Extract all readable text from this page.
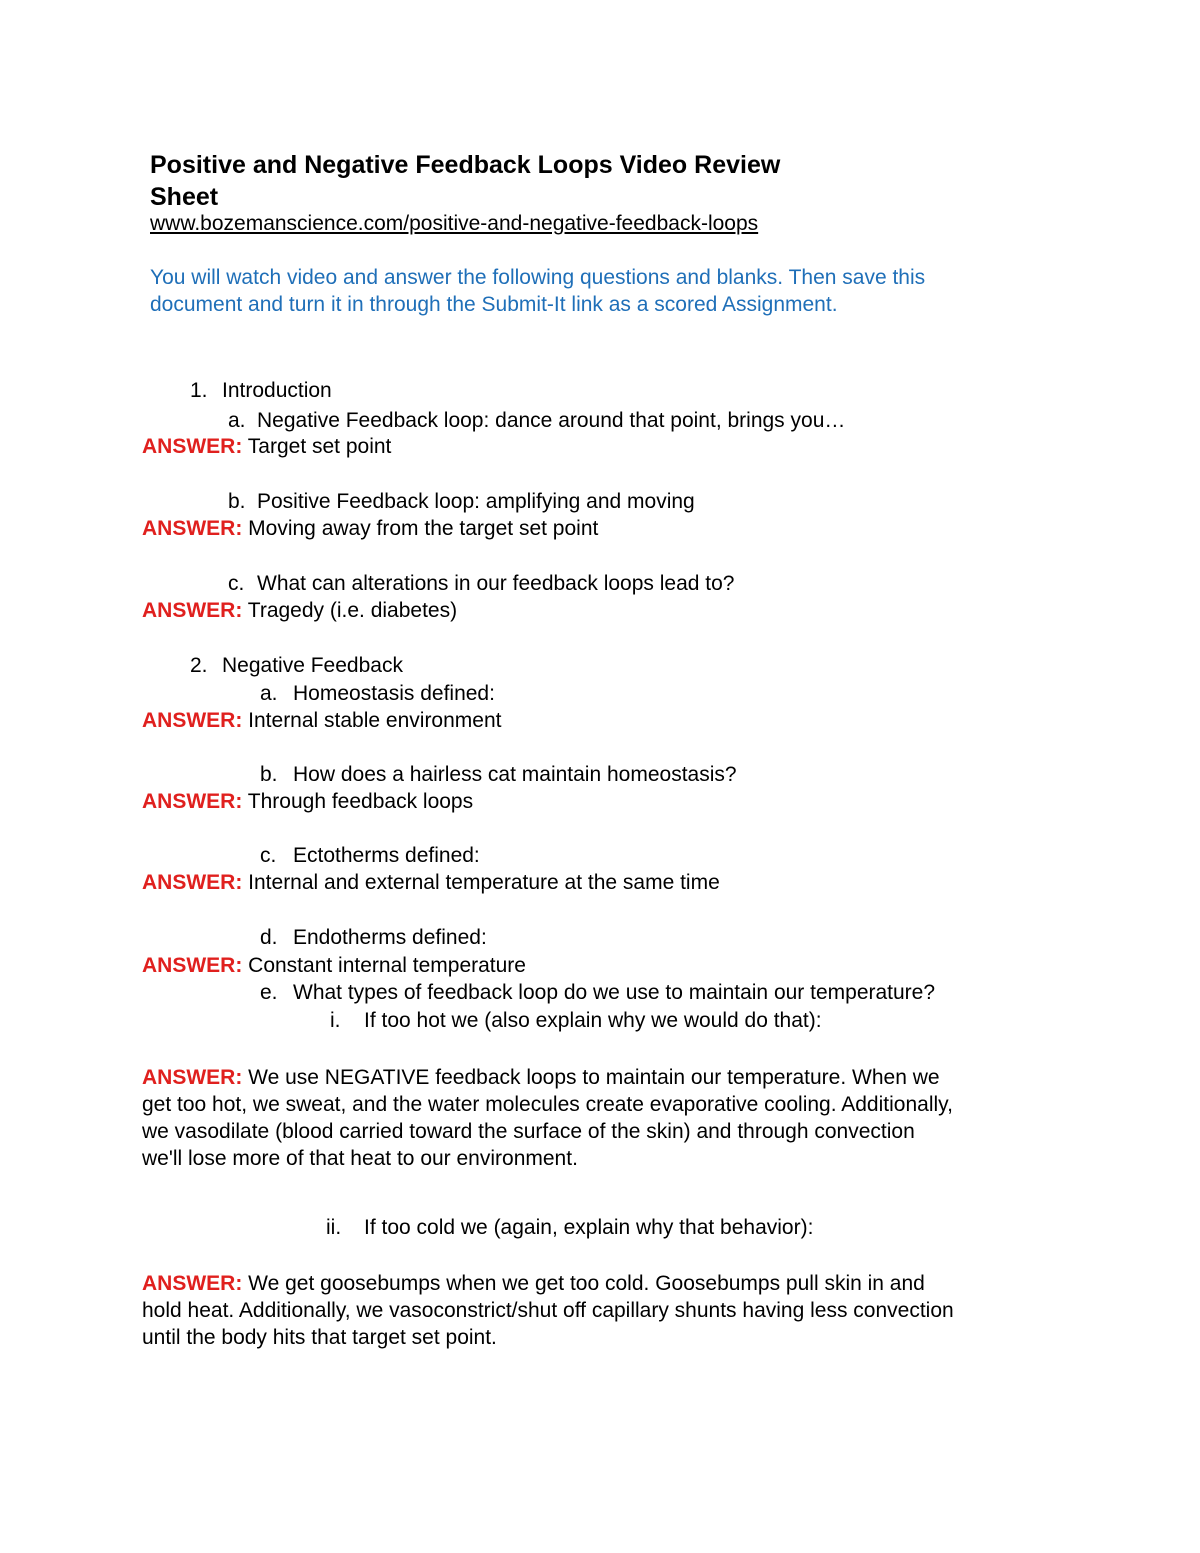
Positive and Negative Feedback Loops Video Review
Sheet
www.bozemanscience.com/positive-and-negative-feedback-loops
You will watch video and answer the following questions and blanks. Then save this
document and turn it in through the Submit-It link as a scored Assignment.
1. Introduction
a. Negative Feedback loop: dance around that point, brings you…
ANSWER: Target set point
b. Positive Feedback loop: amplifying and moving
ANSWER: Moving away from the target set point
c. What can alterations in our feedback loops lead to?
ANSWER: Tragedy (i.e. diabetes)
2. Negative Feedback
a. Homeostasis defined:
ANSWER: Internal stable environment
b. How does a hairless cat maintain homeostasis?
ANSWER: Through feedback loops
c. Ectotherms defined:
ANSWER: Internal and external temperature at the same time
d. Endotherms defined:
ANSWER: Constant internal temperature
e. What types of feedback loop do we use to maintain our temperature?
i. If too hot we (also explain why we would do that):
ANSWER: We use NEGATIVE feedback loops to maintain our temperature. When we
get too hot, we sweat, and the water molecules create evaporative cooling. Additionally,
we vasodilate (blood carried toward the surface of the skin) and through convection
we'll lose more of that heat to our environment.
ii. If too cold we (again, explain why that behavior):
ANSWER: We get goosebumps when we get too cold. Goosebumps pull skin in and
hold heat. Additionally, we vasoconstrict/shut off capillary shunts having less convection
until the body hits that target set point.
